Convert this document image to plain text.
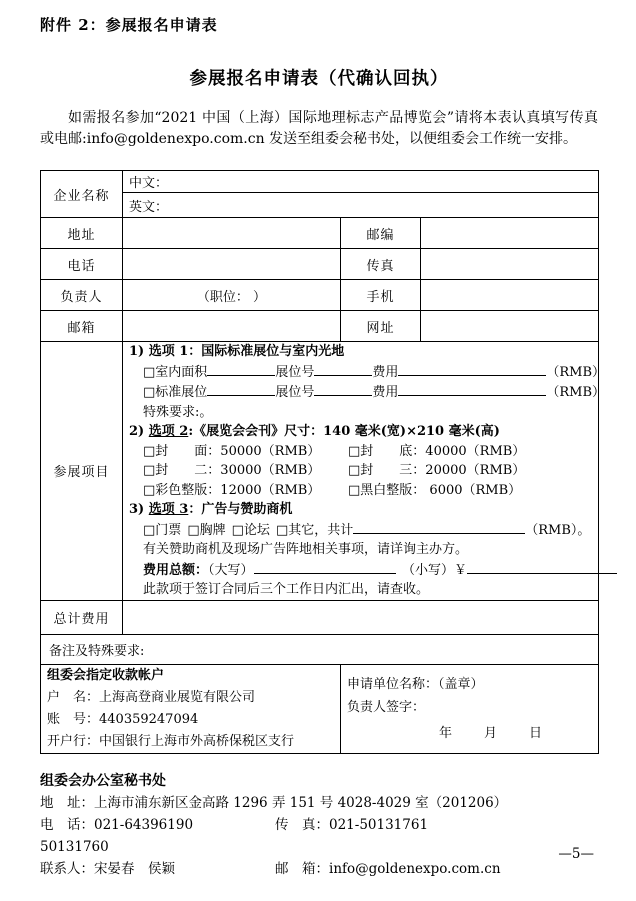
附件 2：参展报名申请表
参展报名申请表（代确认回执）

如需报名参加“2021 中国（上海）国际地理标志产品博览会”请将本表认真填写传真或电邮:info@goldenexpo.com.cn 发送至组委会秘书处，以便组委会工作统一安排。

企业名称	中文：		
	英文：		
地址		邮编	
电话		传真	
负责人	（职位： ）	手机	
邮箱		网址	
参展项目	
1) 选项 1：国际标准展位与室内光地
□室内面积	展位号	费用	（RMB）
□标准展位	展位号	费用	（RMB）
特殊要求:。
2) 选项 2:《展览会会刊》尺寸：140 毫米(宽)×210 毫米(高)
□封　　面：50000（RMB）	□封　　底：40000（RMB）
□封　　二：30000（RMB）	□封　　三：20000（RMB）
□彩色整版：12000（RMB）	□黑白整版： 6000（RMB）
3) 选项 3：广告与赞助商机
□门票 □胸牌 □论坛 □其它，共计	（RMB）。
有关赞助商机及现场广告阵地相关事项，请详询主办方。
费用总额：（大写）　	（小写）￥
此款项于签订合同后三个工作日内汇出，请查收。

总计费用			
备注及特殊要求:			

组委会指定收款帐户
户　名：上海高登商业展览有限公司
账　号：440359247094
开户行：中国银行上海市外高桥保税区支行

申请单位名称：（盖章）
负责人签字：
年　　月　　日
组委会办公室秘书处
地　址：上海市浦东新区金高路 1296 弄 151 号 4028-4029 室（201206）
电　话：021-64396190　50131760
传　真：021-50131761
联系人：宋晏春　侯颖	邮　箱：info@goldenexpo.com.cn
—5—
